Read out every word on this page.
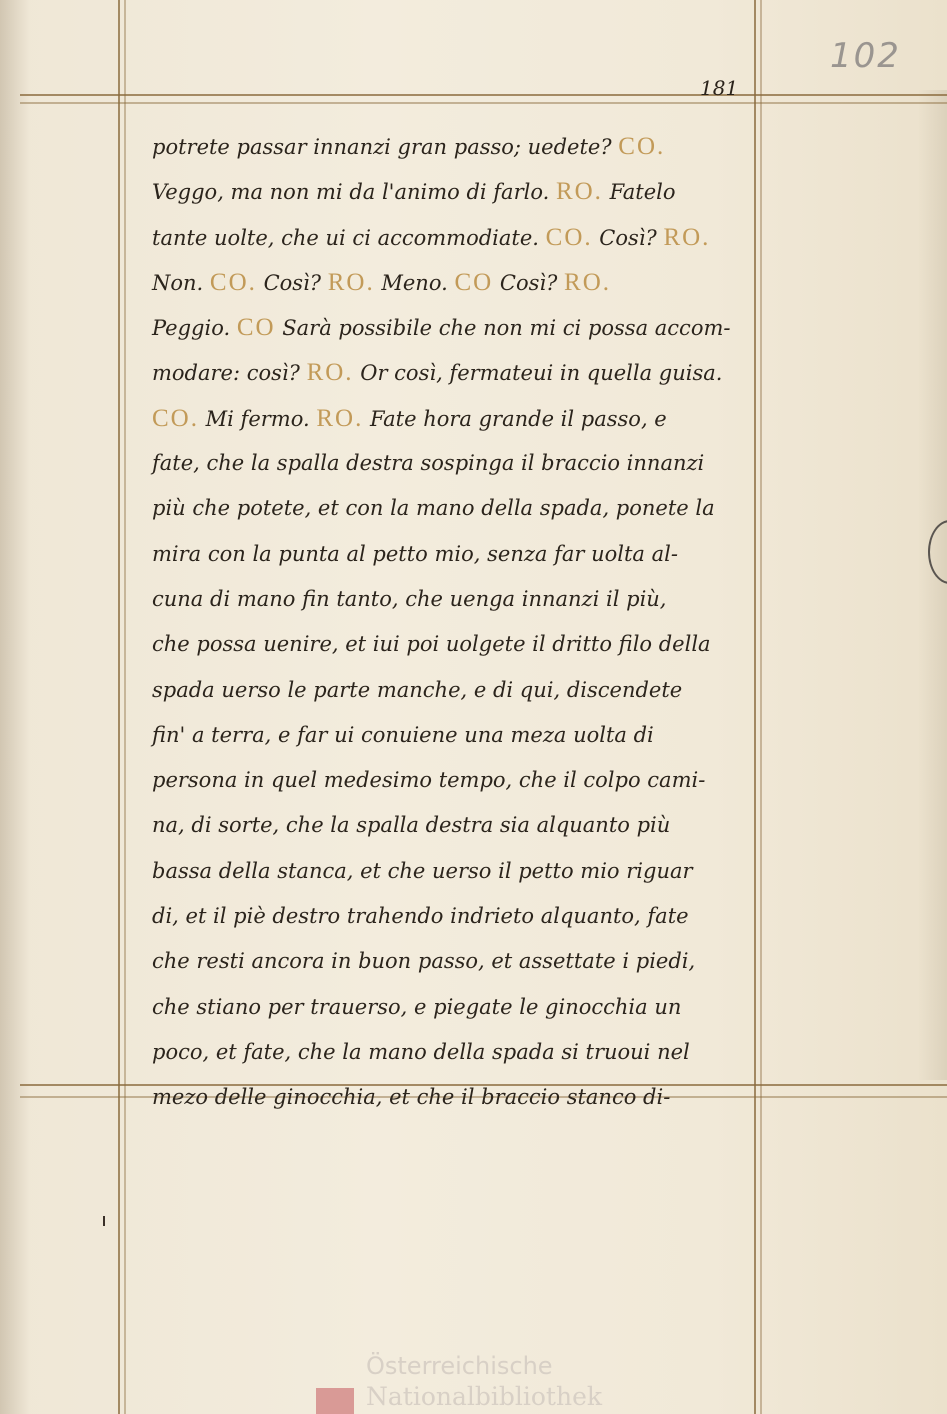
102
181
potrete passar innanzi gran passo; uedete? CO.
Veggo, ma non mi da l'animo di farlo. RO. Fatelo
tante uolte, che ui ci accommodiate. CO. Così? RO.
Non. CO. Così? RO. Meno. CO Così? RO.
Peggio. CO Sarà possibile che non mi ci possa accom-
modare: così? RO. Or così, fermateui in quella guisa.
CO. Mi fermo. RO. Fate hora grande il passo, e
fate, che la spalla destra sospinga il braccio innanzi
più che potete, et con la mano della spada, ponete la
mira con la punta al petto mio, senza far uolta al-
cuna di mano fin tanto, che uenga innanzi il più,
che possa uenire, et iui poi uolgete il dritto filo della
spada uerso le parte manche, e di qui, discendete
fin' a terra, e far ui conuiene una meza uolta di
persona in quel medesimo tempo, che il colpo cami-
na, di sorte, che la spalla destra sia alquanto più
bassa della stanca, et che uerso il petto mio riguar
di, et il piè destro trahendo indrieto alquanto, fate
che resti ancora in buon passo, et assettate i piedi,
che stiano per trauerso, e piegate le ginocchia un
poco, et fate, che la mano della spada si truoui nel
mezo delle ginocchia, et che il braccio stanco di-
Österreichische
Nationalbibliothek
